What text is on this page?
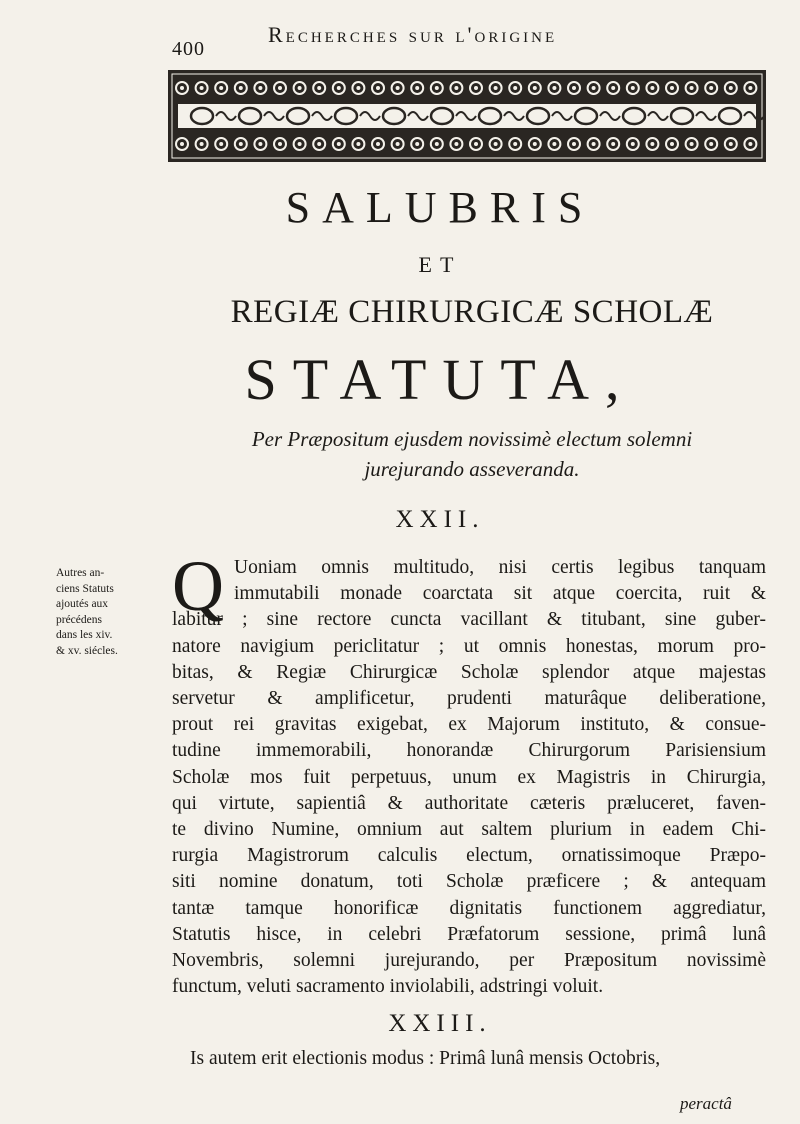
400
Recherches sur l'origine
SALUBRIS
ET
REGIÆ CHIRURGICÆ SCHOLÆ
STATUTA,
Per Præpositum ejusdem novissimè electum solemni
jurejurando asseveranda.
XXII.
Autres an-
ciens Statuts
ajoutés aux
précédens
dans les xiv.
& xv. siécles.
Q Uoniam omnis multitudo, nisi certis legibus tanquam
immutabili monade coarctata sit atque coercita, ruit &
labitur ; sine rectore cuncta vacillant & titubant, sine guber-
natore navigium periclitatur ; ut omnis honestas, morum pro-
bitas, & Regiæ Chirurgicæ Scholæ splendor atque majestas
servetur & amplificetur, prudenti maturâque deliberatione,
prout rei gravitas exigebat, ex Majorum instituto, & consue-
tudine immemorabili, honorandæ Chirurgorum Parisiensium
Scholæ mos fuit perpetuus, unum ex Magistris in Chirurgia,
qui virtute, sapientiâ & authoritate cæteris præluceret, faven-
te divino Numine, omnium aut saltem plurium in eadem Chi-
rurgia Magistrorum calculis electum, ornatissimoque Præpo-
siti nomine donatum, toti Scholæ præficere ; & antequam
tantæ tamque honorificæ dignitatis functionem aggrediatur,
Statutis hisce, in celebri Præfatorum sessione, primâ lunâ
Novembris, solemni jurejurando, per Præpositum novissimè
functum, veluti sacramento inviolabili, adstringi voluit.
XXIII.
Is autem erit electionis modus : Primâ lunâ mensis Octobris,
peractâ
